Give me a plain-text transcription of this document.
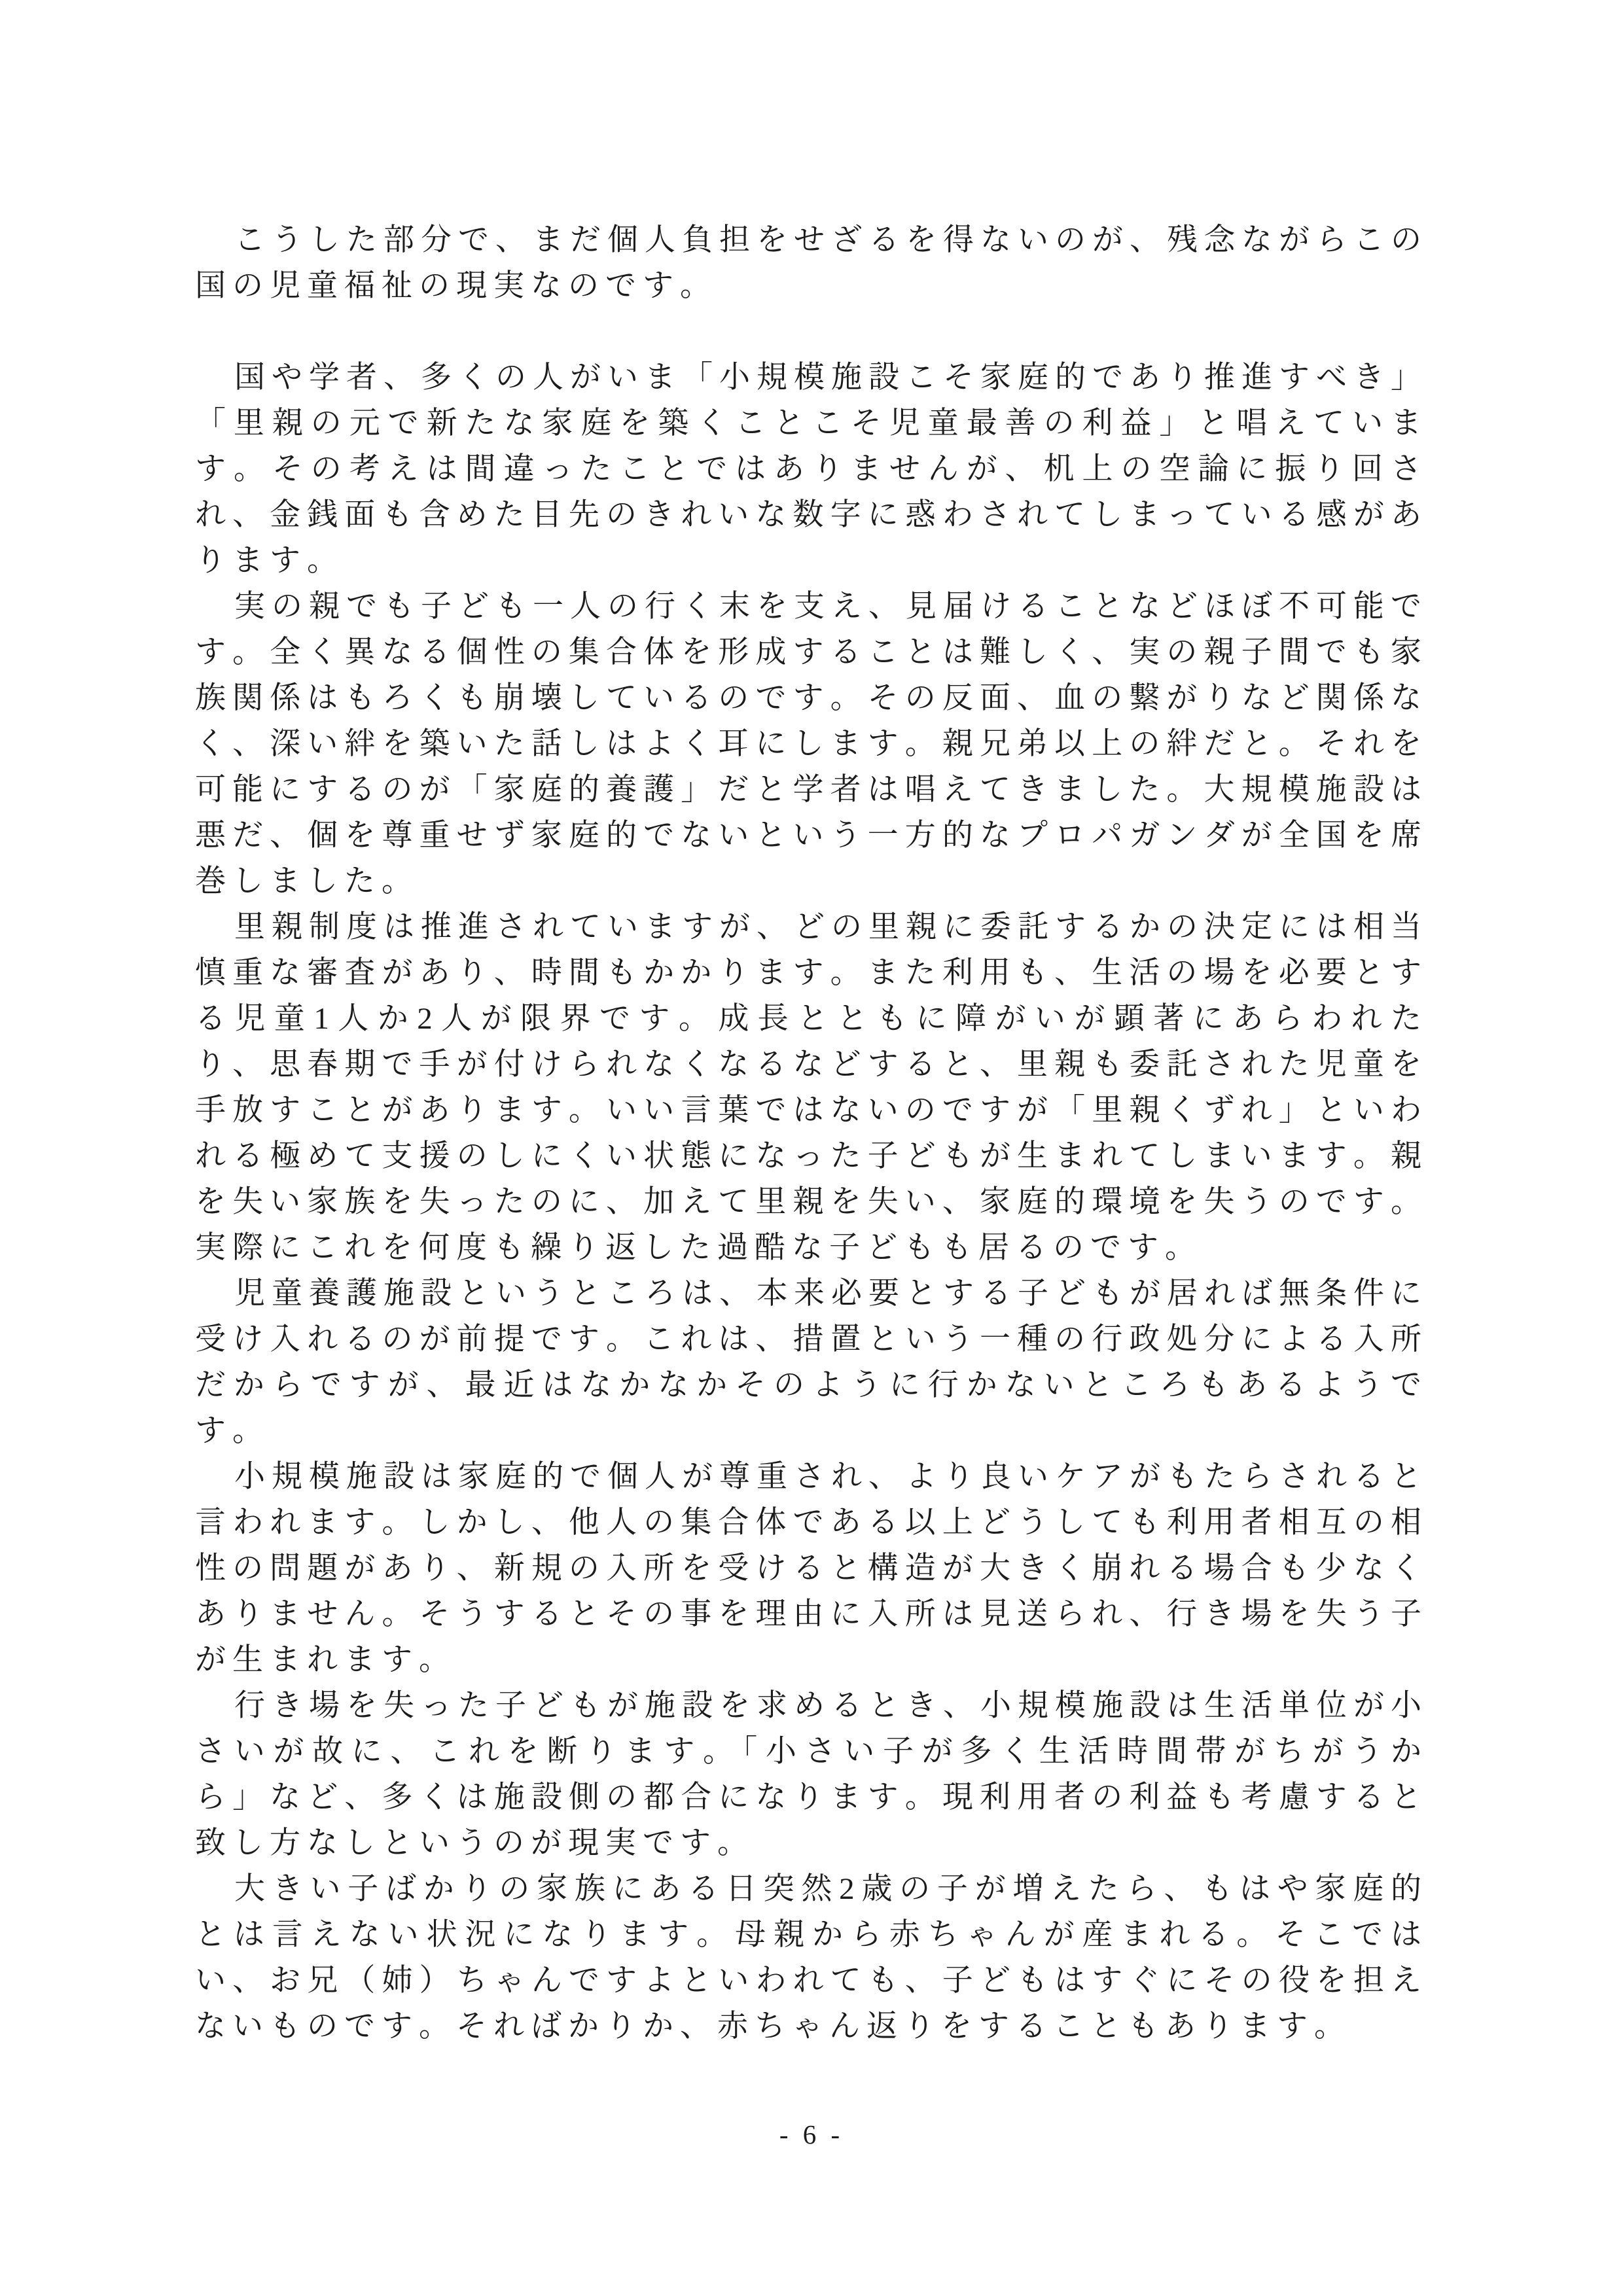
こうした部分で、まだ個人負担をせざるを得ないのが、残念ながらこの国の児童福祉の現実なのです。

国や学者、多くの人がいま「小規模施設こそ家庭的であり推進すべき」「里親の元で新たな家庭を築くことこそ児童最善の利益」と唱えています。その考えは間違ったことではありませんが、机上の空論に振り回され、金銭面も含めた目先のきれいな数字に惑わされてしまっている感があります。

実の親でも子ども一人の行く末を支え、見届けることなどほぼ不可能です。全く異なる個性の集合体を形成することは難しく、実の親子間でも家族関係はもろくも崩壊しているのです。その反面、血の繋がりなど関係なく、深い絆を築いた話しはよく耳にします。親兄弟以上の絆だと。それを可能にするのが「家庭的養護」だと学者は唱えてきました。大規模施設は悪だ、個を尊重せず家庭的でないという一方的なプロパガンダが全国を席巻しました。

里親制度は推進されていますが、どの里親に委託するかの決定には相当慎重な審査があり、時間もかかります。また利用も、生活の場を必要とする児童1人か2人が限界です。成長とともに障がいが顕著にあらわれたり、思春期で手が付けられなくなるなどすると、里親も委託された児童を手放すことがあります。いい言葉ではないのですが「里親くずれ」といわれる極めて支援のしにくい状態になった子どもが生まれてしまいます。親を失い家族を失ったのに、加えて里親を失い、家庭的環境を失うのです。実際にこれを何度も繰り返した過酷な子どもも居るのです。

児童養護施設というところは、本来必要とする子どもが居れば無条件に受け入れるのが前提です。これは、措置という一種の行政処分による入所だからですが、最近はなかなかそのように行かないところもあるようです。

小規模施設は家庭的で個人が尊重され、より良いケアがもたらされると言われます。しかし、他人の集合体である以上どうしても利用者相互の相性の問題があり、新規の入所を受けると構造が大きく崩れる場合も少なくありません。そうするとその事を理由に入所は見送られ、行き場を失う子が生まれます。

行き場を失った子どもが施設を求めるとき、小規模施設は生活単位が小さいが故に、これを断ります。「小さい子が多く生活時間帯がちがうから」など、多くは施設側の都合になります。現利用者の利益も考慮すると致し方なしというのが現実です。

大きい子ばかりの家族にある日突然2歳の子が増えたら、もはや家庭的とは言えない状況になります。母親から赤ちゃんが産まれる。そこではい、お兄（姉）ちゃんですよといわれても、子どもはすぐにその役を担えないものです。そればかりか、赤ちゃん返りをすることもあります。

- 6 -
